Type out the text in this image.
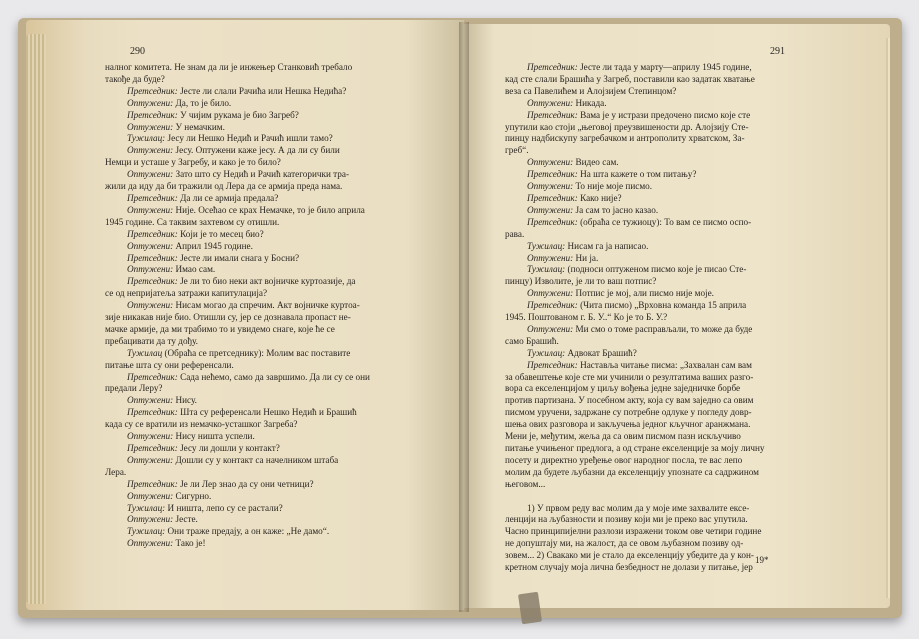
290	291
налног комитета. Не знам да ли је инжењер Станковић требало
такође да буде?
Претседник: Јесте ли слали Рачића или Нешка Недића?
Оптужени: Да, то је било.
Претседник: У чијим рукама је био Загреб?
Оптужени: У немачким.
Тужилац: Јесу ли Нешко Недић и Рачић ишли тамо?
Оптужени: Јесу. Оптужени каже јесу. А да ли су били
Немци и усташе у Загребу, и како је то било?
Оптужени: Зато што су Недић и Рачић категорички тра-
жили да иду да би тражили од Лера да се армија преда нама.
Претседник: Да ли се армија предала?
Оптужени: Није. Осећао се крах Немачке, то је било априла
1945 године. Са таквим захтевом су отишли.
Претседник: Који је то месец био?
Оптужени: Април 1945 године.
Претседник: Јесте ли имали снага у Босни?
Оптужени: Имао сам.
Претседник: Је ли то био неки акт војничке куртоазије, да
се од непријатеља затражи капитулација?
Оптужени: Нисам могао да спречим. Акт војничке куртоа-
зије никакав није био. Отишли су, јер се дознавала пропаст не-
мачке армије, да ми трабимо то и увидемо снаге, које ће се
пребацивати да ту дођу.
Тужилац (Обраћа се претседнику): Молим вас поставите
питање шта су они референсали.
Претседник: Сада нећемо, само да завршимо. Да ли су се они
предали Леру?
Оптужени: Нису.
Претседник: Шта су референсали Нешко Недић и Брашић
када су се вратили из немачко-усташког Загреба?
Оптужени: Нису ништа успели.
Претседник: Јесу ли дошли у контакт?
Оптужени: Дошли су у контакт са начелником штаба
Лера.
Претседник: Је ли Лер знао да су они четници?
Оптужени: Сигурно.
Тужилац: И ништа, лепо су се растали?
Оптужени: Јесте.
Тужилац: Они траже предају, а он каже: „Не дамо“.
Оптужени: Тако је!
Претседник: Јесте ли тада у марту—априлу 1945 године,
кад сте слали Брашића у Загреб, поставили као задатак хватање
веза са Павелићем и Алојзијем Степинцом?
Оптужени: Никада.
Претседник: Вама је у истрази предочено писмо које сте
упутили као стоји „његовој преузвишености др. Алојзију Сте-
пинцу надбискупу загребачком и антрополиту хрватском, За-
греб“.
Оптужени: Видео сам.
Претседник: На шта кажете о том питању?
Оптужени: То није моје писмо.
Претседник: Како није?
Оптужени: Ја сам то јасно казао.
Претседник: (обраћа се тужиоцу): То вам се писмо оспо-
рава.
Тужилац: Нисам га ја написао.
Оптужени: Ни ја.
Тужилац: (подноси оптуженом писмо које је писао Сте-
пинцу) Изволите, је ли то ваш потпис?
Оптужени: Потпис је мој, али писмо није моје.
Претседник: (Чита писмо) „Врховна команда 15 априла
1945. Поштованом г. Б. У..“ Ко је то Б. У.?
Оптужени: Ми смо о томе расправљали, то може да буде
само Брашић.
Тужилац: Адвокат Брашић?
Претседник: Наставља читање писма: „Захвалан сам вам
за обавештење које сте ми учинили о резултатима ваших разго-
вора са екселенцијом у циљу вођења једне заједничке борбе
против партизана. У посебном акту, која су вам заједно са овим
писмом уручени, задржане су потребне одлуке у погледу довр-
шења ових разговора и закључења једног кључног аранжмана.
Мени је, међутим, жеља да са овим писмом пазн искључиво
питање учињеног предлога, а од стране екселенције за моју личну
посету и директно уређење овог народног посла, те вас лепо
молим да будете љубазни да екселенцију упознате са садржином
његовом...

1) У првом реду вас молим да у моје име захвалите ексе-
ленцији на љубазности и позиву који ми је преко вас упутила.
Часно принципијелни разлози изражени током ове четири године
не допуштају ми, на жалост, да се овом љубазном позиву од-
зовем... 2) Свакако ми је стало да екселенцију убедите да у кон-
кретном случају моја лична безбедност не долази у питање, јер
19*
